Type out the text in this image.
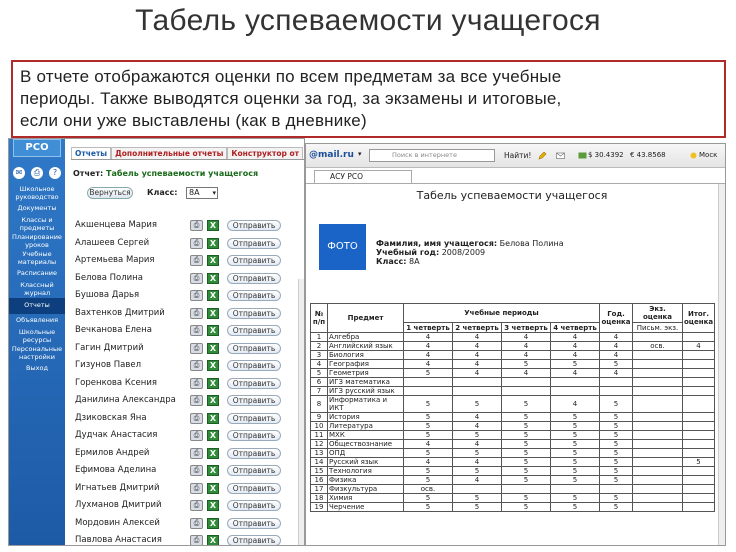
Табель успеваемости учащегося
В отчете отображаются оценки по всем предметам за все учебные
периоды. Также выводятся оценки за год, за экзамены и итоговые,
если они уже выставлены (как в дневнике)
РСО
✉	⎙	?
Школьное руководство
Документы
Классы и предметы
Планирование уроков
Учебные материалы
Расписание
Классный журнал
Отчеты
Объявления
Школьные ресурсы
Персональные настройки
Выход
Отчеты	Дополнительные отчеты	Конструктор от
Отчет: Табель успеваемости учащегося
Вернуться Класс:	8А ▾
Акшенцева Мария	⎙	X	Отправить
Алашеев Сергей	⎙	X	Отправить
Артемьева Мария	⎙	X	Отправить
Белова Полина	⎙	X	Отправить
Бушова Дарья	⎙	X	Отправить
Вахтенков Дмитрий	⎙	X	Отправить
Вечканова Елена	⎙	X	Отправить
Гагин Дмитрий	⎙	X	Отправить
Гизунов Павел	⎙	X	Отправить
Горенкова Ксения	⎙	X	Отправить
Данилина Александра	⎙	X	Отправить
Дзиковская Яна	⎙	X	Отправить
Дудчак Анастасия	⎙	X	Отправить
Ермилов Андрей	⎙	X	Отправить
Ефимова Аделина	⎙	X	Отправить
Игнатьев Дмитрий	⎙	X	Отправить
Лухманов Дмитрий	⎙	X	Отправить
Мордовин Алексей	⎙	X	Отправить
Павлова Анастасия	⎙	X	Отправить
@mail.ru ▾	Поиск в интернете	Найти!	$ 30.4392 € 43.8568	Моск
АСУ РСО
Табель успеваемости учащегося
ФОТО	Фамилия, имя учащегося: Белова Полина
Учебный год: 2008/2009
Класс: 8А
№ п/п	Предмет	Учебные периоды				Год. оценка	Экз. оценка	Итог. оценка
		1 четверть	2 четверть	3 четверть	4 четверть		Письм. экз.	
1	Алгебра	4	4	4	4	4		
2	Английский язык	4	4	4	4	4	осв.	4
3	Биология	4	4	4	4	4		
4	География	4	4	5	5	5		
5	Геометрия	5	4	4	4	4		
6	ИГЗ математика							
7	ИГЗ русский язык							
8	Информатика и ИКТ	5	5	5	4	5		
9	История	5	4	5	5	5		
10	Литература	5	4	5	5	5		
11	МХК	5	5	5	5	5		
12	Обществознание	4	4	5	5	5		
13	ОПД	5	5	5	5	5		
14	Русский язык	4	4	5	5	5		5
15	Технология	5	5	5	5	5		
16	Физика	5	4	5	5	5		
17	Физкультура	осв.						
18	Химия	5	5	5	5	5		
19	Черчение	5	5	5	5	5		
